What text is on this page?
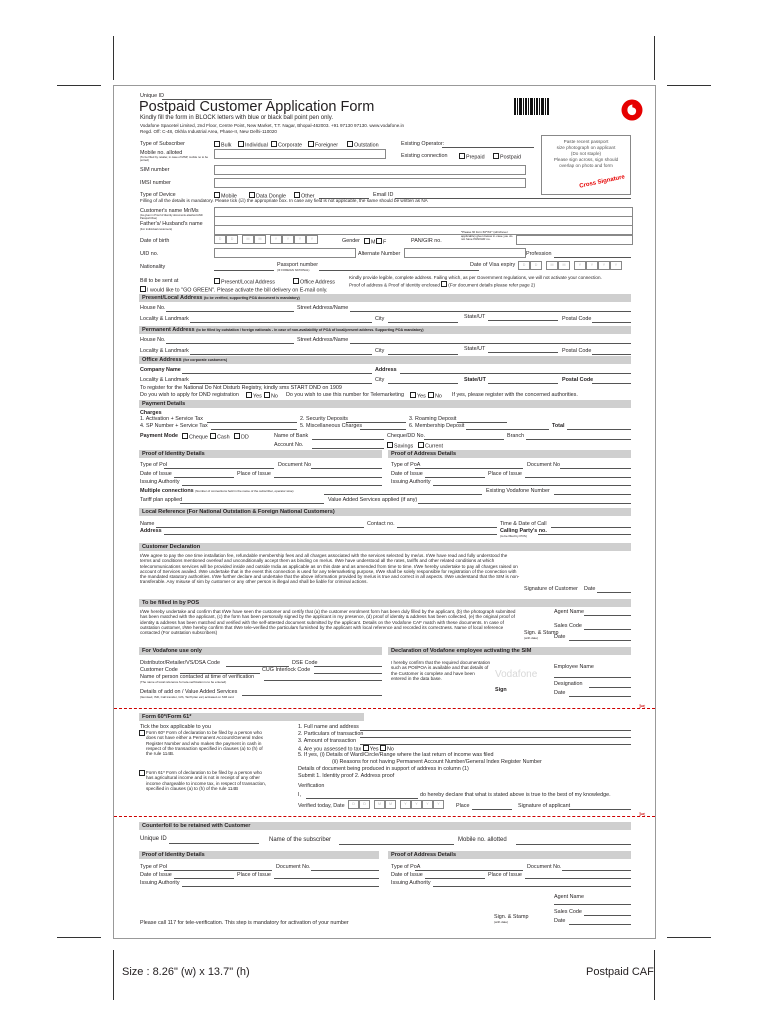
Unique ID
Postpaid Customer Application Form
Kindly fill the form in BLOCK letters with blue or black ball point pen only.
Vodafone Spacetel Limited, 2nd Floor, Centre Point, New Market, T.T. Nagar, Bhopal-462003. +91 97130 97130. www.vodafone.in
Regd. Off: C-48, Okhla Industrial Area, Phase-II, New Delhi-110020
Paste recent passport
size photograph on applicant
(Do not staple)
Please sign across, sign should
overlap on photo and form
Cross Signature
Type of Subscriber	Bulk	Individual	Corporate	Foreigner	Outstation	Existing Operator:
Mobile no. alloted
(To be filled by retailer, in case of MNP, mobile no to be ported)
Existing connection	Prepaid	Postpaid
SIM number
IMSI number
Type of Device	Mobile	Data Dongle	Other	Email ID
Filling of all the details is mandatory. Please tick (☑) the appropriate box. In case any field is not applicable, the same should be written as NA
Customer's name Mr/Ms
(As given in Proof of Identity documents attached AND Passport/Visa)
Father's/ Husband's name
(For individual customers)
Date of birth	D	D	M	M	Y	Y	Y	Y	Gender	M	F	PAN/GIR no.
*Please fill form 60*/61* (whichever applicable) given below in case you do not have PAN/GIR no.
UID no.	Alternate Number	Profession
Nationality	Passport number
(IF FOREIGN NATIONAL)
Date of Visa expiry	D	D	M	M	Y	Y	Y	Y
Bill to be sent at	Present/Local Address	Office Address
Kindly provide legible, complete address. Failing which, as per Government regulations, we will not activate your connection.
Proof of address & Proof of identity enclosed (For document details please refer page 2)
I would like to "GO GREEN". Please activate the bill delivery on E-mail only.
Present/Local Address (to be verified, supporting POA document is mandatory)
House No.	Street Address/Name
Locality & Landmark	City	State/UT	Postal Code
Permanent Address (to be filled by outstation / foreign nationals - in case of non-availability of POA of local/present address. Supporting POA mandatory)
House No.	Street Address/Name
Locality & Landmark	City	State/UT	Postal Code
Office Address (for corporate customers)
Company Name	Address
Locality & Landmark	City	State/UT	Postal Code
To register for the National Do Not Disturb Registry, kindly sms START DND on 1909
Do you wish to apply for DND registration	Yes	No Do you wish to use this number for Telemarketing	Yes	No If yes, please register with the concerned authorities.
Payment Details
Charges
1. Activation + Service Tax	2. Security Deposits	3. Roaming Deposit
4. SP Number + Service Tax	5. Miscellaneous Charges	6. Membership Deposit	Total
Payment Mode	Cheque	Cash	DD	Name of Bank	Cheque/DD No.	Branch
Account No.	Savings	Current
Proof of Identity Details	Proof of Address Details
Type of PoI	Document No
Date of Issue	Place of Issue
Issuing Authority
Type of PoA	Document No
Date of Issue	Place of Issue
Issuing Authority
Multiple connections (Number of connections held in the name of the subscriber, operator wise)	Existing Vodafone Number
Tariff plan applied	Value Added Services applied (if any)
Local Reference (For National Outstation & Foreign National Customers)
Name	Contact no.	Time & Date of Call
Address	Calling Party's no.
(to be filled by POS)
Customer Declaration
I/We agree to pay the one time installation fee, refundable membership fees and all charges associated with the services selected by me/us. I/We have read and fully understood the terms and conditions mentioned overleaf and unconditionally accept them as binding on me/us. I/We have understood all the rates, tariffs and other related conditions at which telecommunications services will be provided inside and outside India as applicable as on this date and as amended from time to time. I/We hereby undertake to pay all charges raised on account of Services availed. I/We undertake that in the event this connection is used for any telemarketing purpose, I/We shall be solely responsible for registration of the connection with the mandated statutory authorities. I/We further declare and undertake that the above information provided by me/us is true and correct in all aspects. I/We understand that the SIM is non-transferable. Any misuse of sim by customer or any other person is illegal and shall be liable for criminal actions.
Signature of Customer Date
To be filled in by POS
I/We hereby undertake and confirm that I/We have seen the customer and certify that (a) the customer enrolment form has been duly filled by the applicant, (b) the photograph submitted has been matched with the applicant, (c) the form has been personally signed by the applicant in my presence, (d) proof of identity & address has been collected, (e) the original proof of identity & address has been matched and verified with the self-attested document submitted by the applicant. Details on the Vodafone CAF match with these documents. In case of outstation customer, I/We hereby confirm that I/We tele-verified the particulars furnished by the applicant with local reference and recorded its correctness. Name of local reference contacted (For outstation subscribers)
Agent Name
Sales Code
Sign. & Stamp
(with date)	Date
For Vodafone use only	Declaration of Vodafone employee activating the SIM
Distributor/Retailer/VS/DSA Code	DSE Code
Customer Code	CUG Interlock Code
Name of person contacted at time of verification
(The name of local reference for tele-verification is to be entered)
Details of add on / Value Added Services
(Itemised, ISD, Call transfer, GIS, Tariff plan etc) activated on SIM card
I hereby confirm that the required documentation such as POI/POA is available and that details of the Customer is complete and have been entered in the data base.	Vodafone
Sign
Employee Name
Designation
Date
✂
Form 60*/Form 61*
Tick the box applicable to you
Form 60* Form of declaration to be filed by a person who does not have either a Permanent Account/General Index Register Number and who makes the payment in cash in respect of the transaction specified in clauses (a) to (h) of the rule 114B.
Form 61* Form of declaration to be filed by a person who has agricultural income and is not in receipt of any other income chargeable to income tax, in respect of transaction, specified in clauses (a) to (h) of the rule 114B
1. Full name and address
2. Particulars of transaction
3. Amount of transaction
4. Are you assessed to tax Yes No
5. If yes, (i) Details of Ward/Circle/Range where the last return of income was filed
(ii) Reasons for not having Permanent Account Number/General Index Register Number
Details of document being produced in support of address in column (1)
Submit 1. Identity proof 2. Address proof
Verification
I,	do hereby declare that what is stated above is true to the best of my knowledge.
Verified today, Date	D	D	M	M	Y	Y	Y	Y	Place	Signature of applicant
✂
Counterfoil to be retained with Customer
Unique ID	Name of the subscriber	Mobile no. allotted
Proof of Identity Details	Proof of Address Details
Type of PoI	Document No.
Date of Issue	Place of Issue
Issuing Authority
Type of PoA	Document No.
Date of Issue	Place of Issue
Issuing Authority
Agent Name
Sales Code
Sign. & Stamp
(with date)	Date
Please call 117 for tele-verification. This step is mandatory for activation of your number
Size : 8.26" (w) x 13.7" (h)	Postpaid CAF
